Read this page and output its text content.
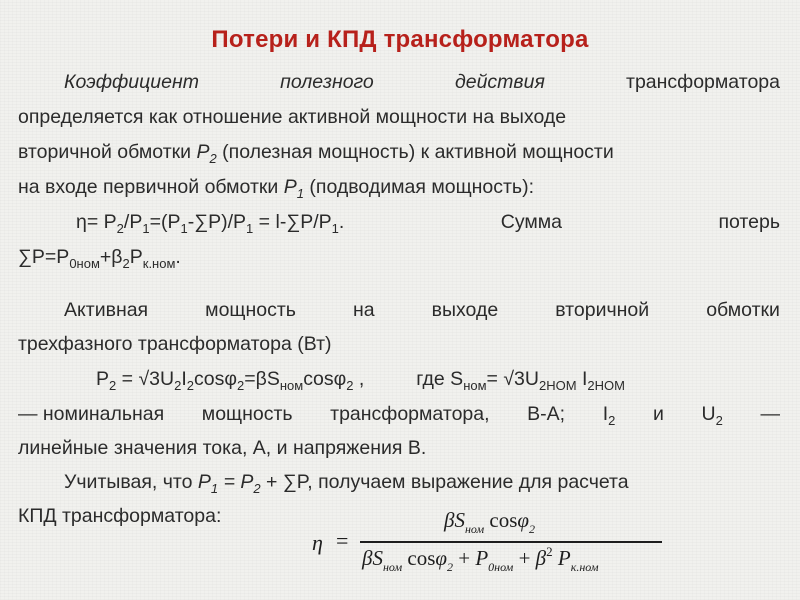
Потери и КПД трансформатора
Коэффициент	полезного	действия	трансформатора
определяется как отношение активной мощности на выходе
вторичной обмотки $P_2$ (полезная мощность) к активной мощности
на входе первичной обмотки $P_1$ (подводимая мощность):
$\eta= P_2/P_1=(P_1-\sum P)/P_1 = l-\sum P/P_1$.	Сумма	потерь
$\sum P=P_{0ном}+\beta_2P_{к.ном}$.
Активная	мощность	на	выходе	вторичной	обмотки
трехфазного трансформатора (Вт)
$P_2 = √3U_2I_2\cos\varphi_2=\beta S_{ном}\cos\varphi_2$ ,	где $S_{ном}= √3U_{2НОМ}$ $I_{2НОМ}$
— номинальная мощность трансформатора, В-А; $I_2$ и $U_2$ —
линейные значения тока, А, и напряжения В.
Учитывая, что $P_1 = P_2 + \sum P$, получаем выражение для расчета
КПД трансформатора:
η =
$\beta S_{ном}$ cosφ$_2$
$\beta S_{ном}$ $\cos\varphi_2 + P_{0ном} + \beta^2$ $P_{к.ном}$
